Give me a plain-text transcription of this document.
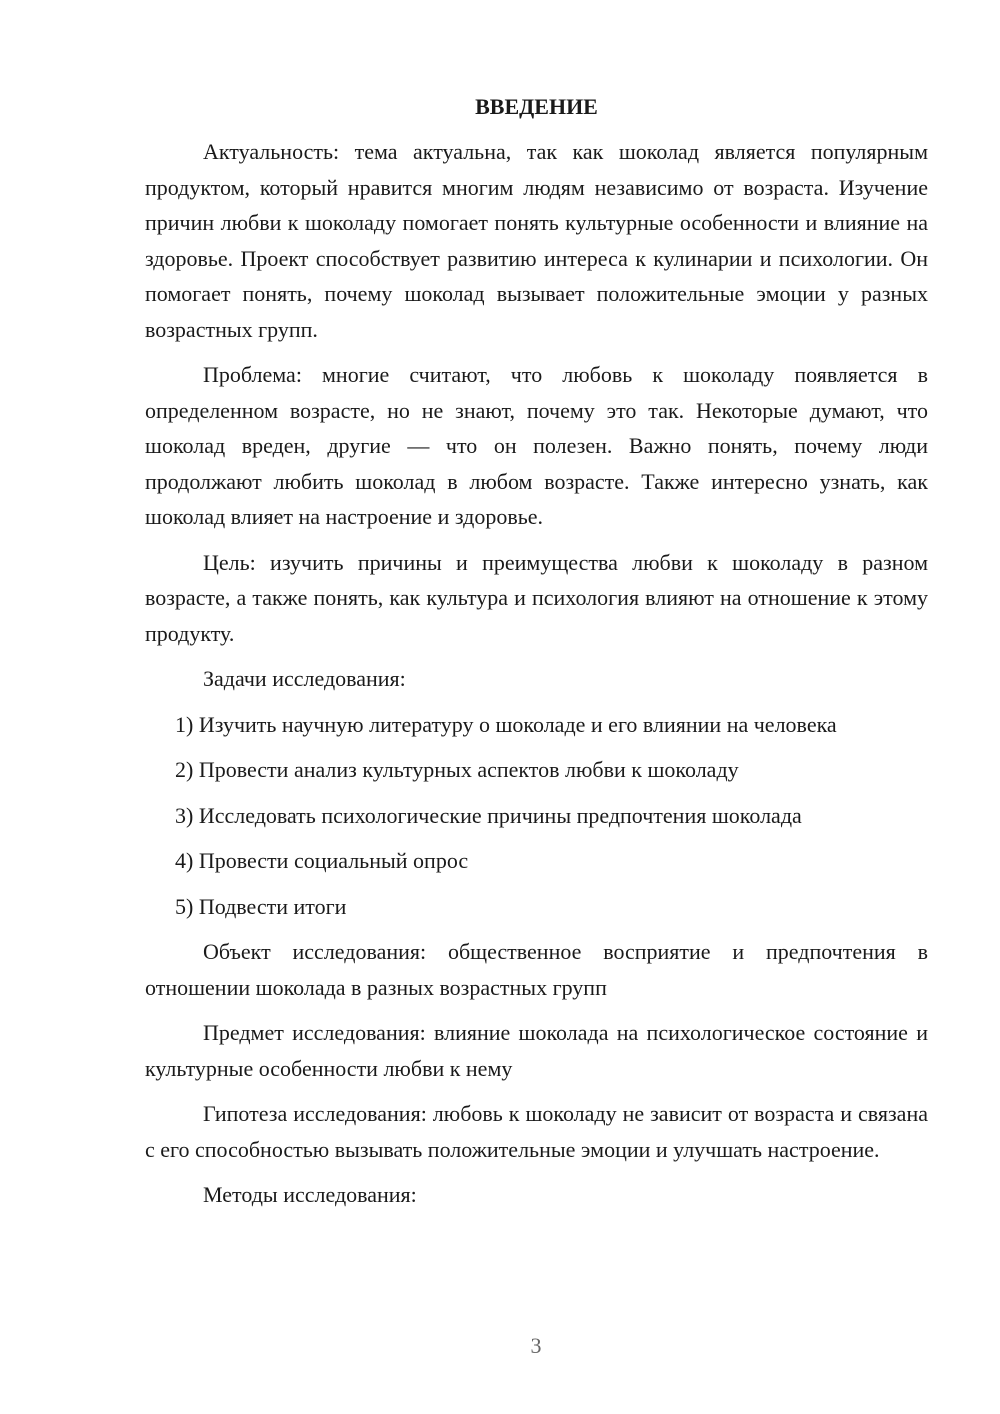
ВВЕДЕНИЕ

Актуальность: тема актуальна, так как шоколад является популярным продуктом, который нравится многим людям независимо от возраста. Изучение причин любви к шоколаду помогает понять культурные особенности и влияние на здоровье. Проект способствует развитию интереса к кулинарии и психологии. Он помогает понять, почему шоколад вызывает положительные эмоции у разных возрастных групп.

Проблема: многие считают, что любовь к шоколаду появляется в определенном возрасте, но не знают, почему это так. Некоторые думают, что шоколад вреден, другие — что он полезен. Важно понять, почему люди продолжают любить шоколад в любом возрасте. Также интересно узнать, как шоколад влияет на настроение и здоровье.

Цель: изучить причины и преимущества любви к шоколаду в разном возрасте, а также понять, как культура и психология влияют на отношение к этому продукту.

Задачи исследования:

1) Изучить научную литературу о шоколаде и его влиянии на человека

2) Провести анализ культурных аспектов любви к шоколаду

3) Исследовать психологические причины предпочтения шоколада

4) Провести социальный опрос

5) Подвести итоги

Объект исследования: общественное восприятие и предпочтения в отношении шоколада в разных возрастных групп

Предмет исследования: влияние шоколада на психологическое состояние и культурные особенности любви к нему

Гипотеза исследования: любовь к шоколаду не зависит от возраста и связана с его способностью вызывать положительные эмоции и улучшать настроение.

Методы исследования:

3
